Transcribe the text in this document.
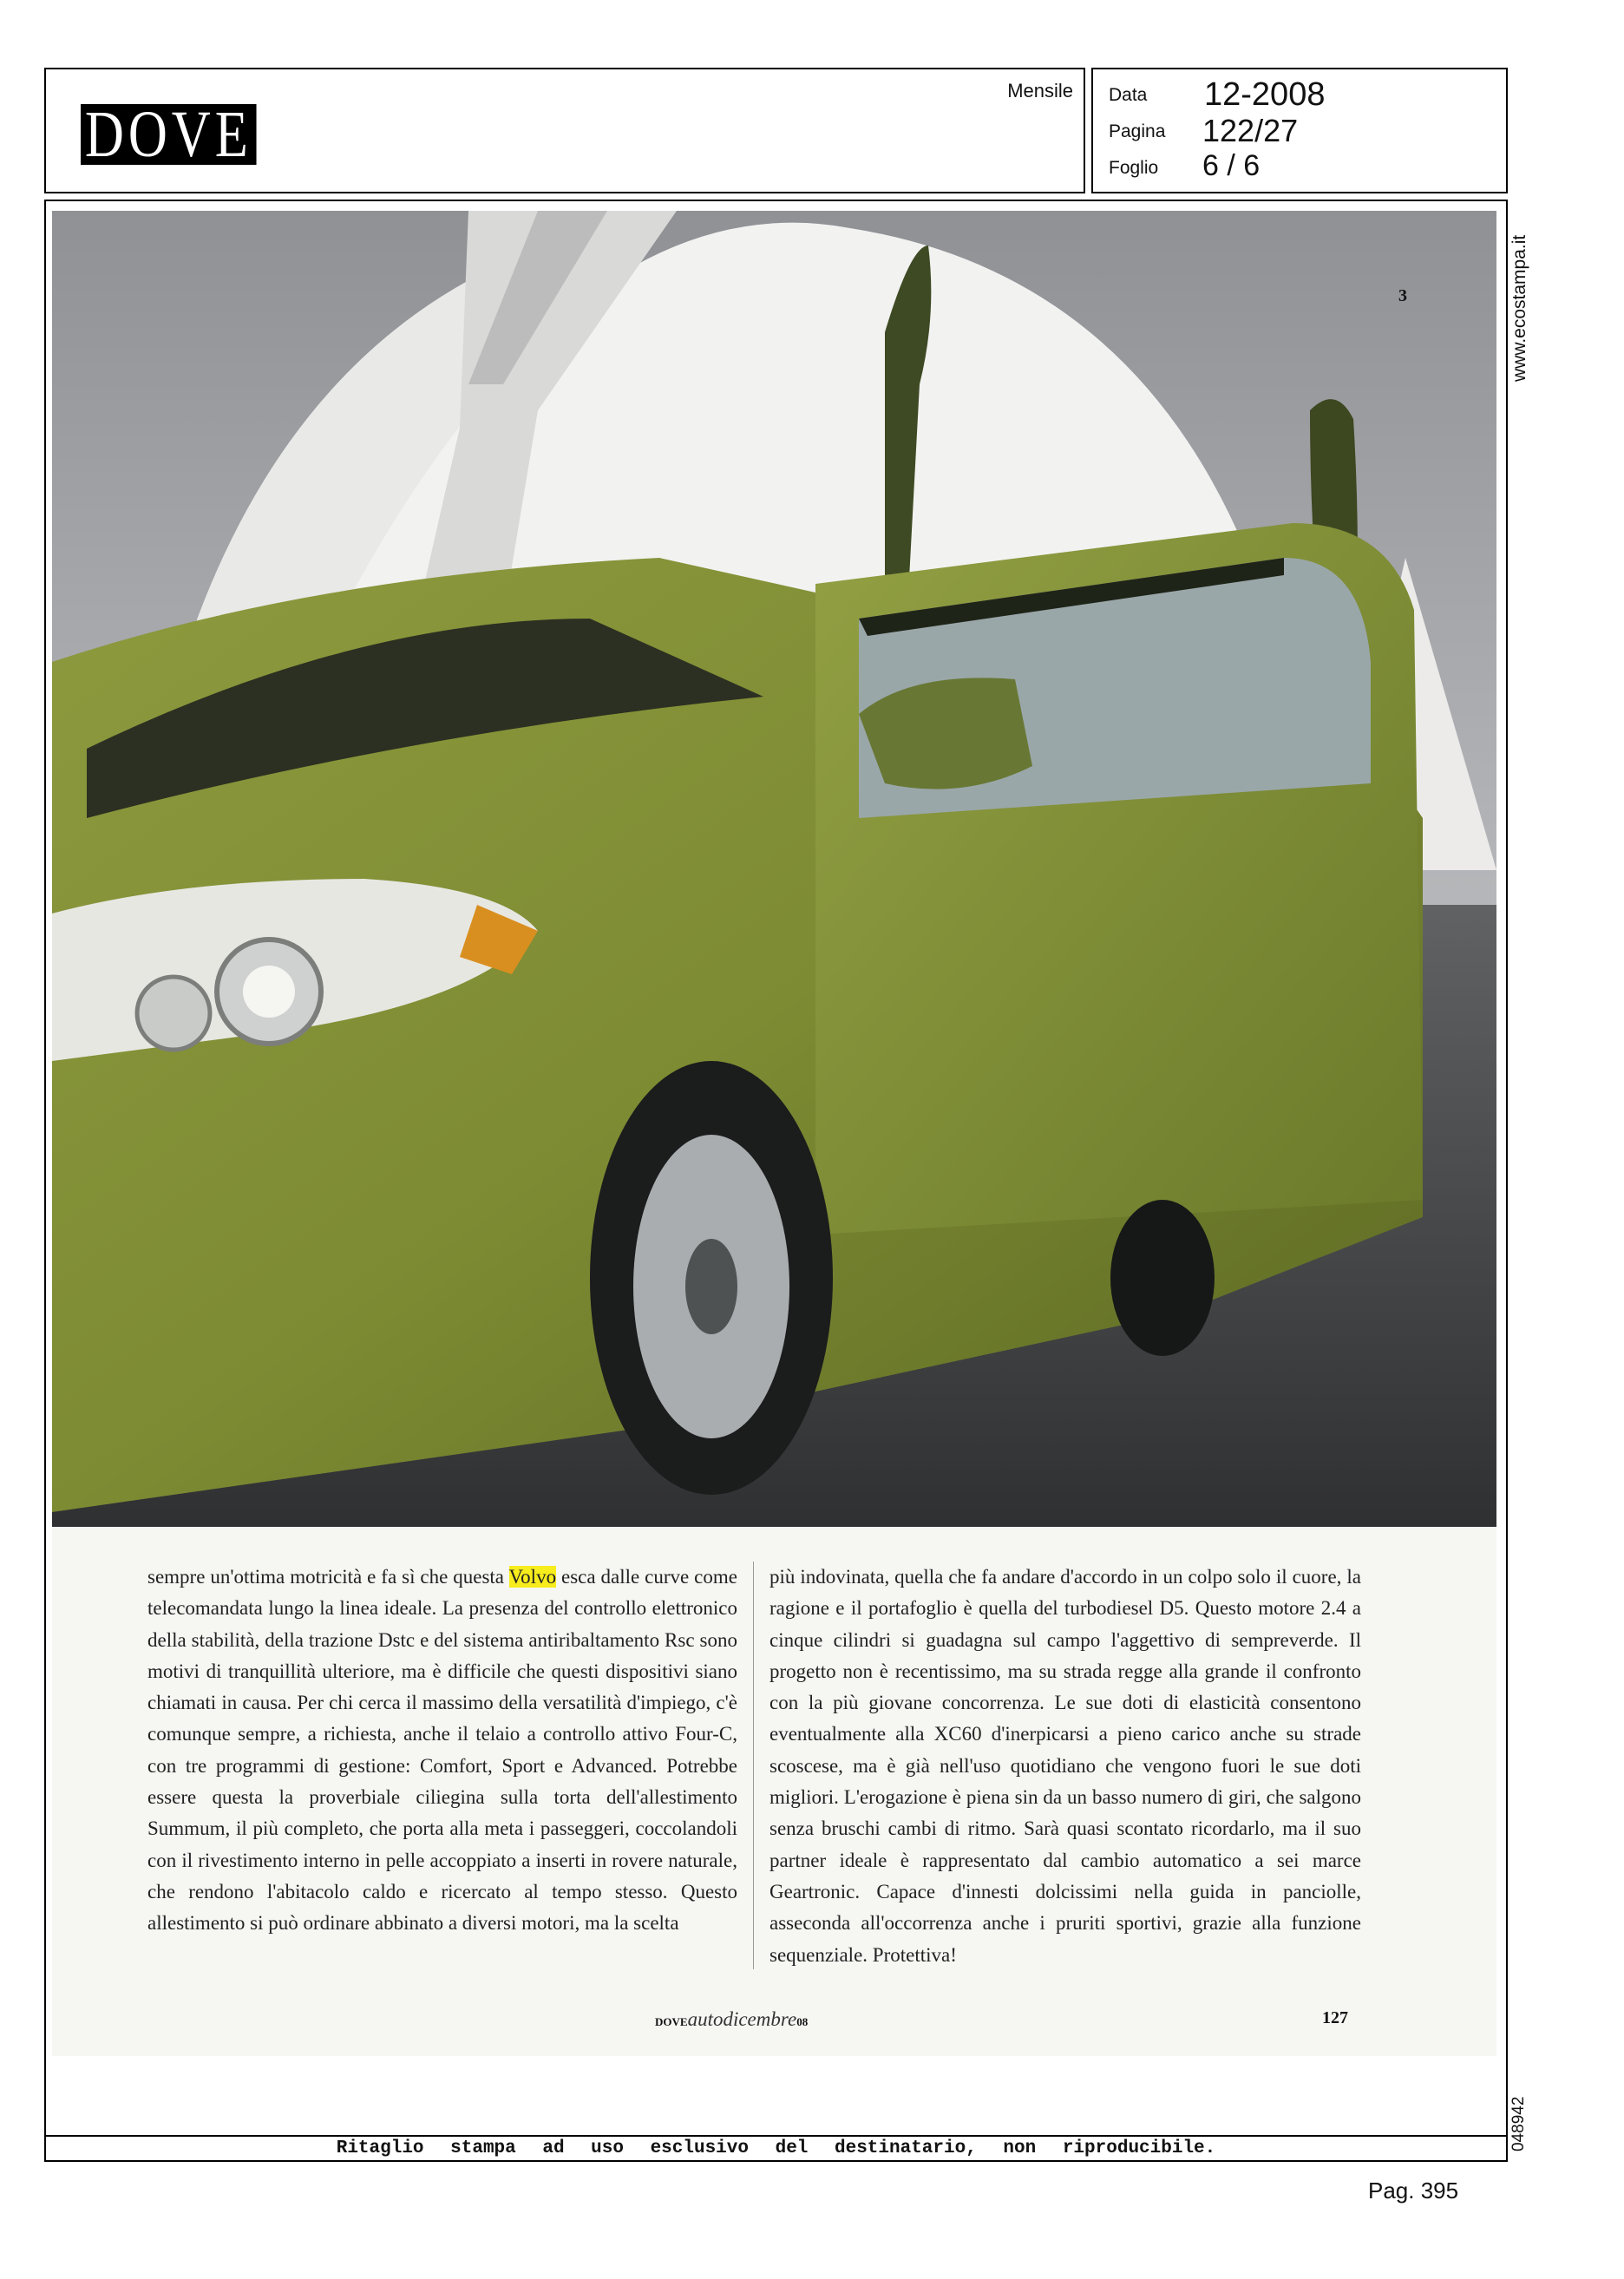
DOVE
Mensile Data 12-2008
Pagina 122/27
Foglio 6 / 6
www.ecostampa.it
3
sempre un'ottima motricità e fa sì che questa Volvo esca dalle curve come telecomandata lungo la linea ideale. La presenza del controllo elettronico della stabilità, della trazione Dstc e del sistema antiribaltamento Rsc sono motivi di tranquillità ulteriore, ma è difficile che questi dispositivi siano chiamati in causa. Per chi cerca il massimo della versatilità d'impiego, c'è comunque sempre, a richiesta, anche il telaio a controllo attivo Four-C, con tre programmi di gestione: Comfort, Sport e Advanced. Potrebbe essere questa la proverbiale ciliegina sulla torta dell'allestimento Summum, il più completo, che porta alla meta i passeggeri, coccolandoli con il rivestimento interno in pelle accoppiato a inserti in rovere naturale, che rendono l'abitacolo caldo e ricercato al tempo stesso. Questo allestimento si può ordinare abbinato a diversi motori, ma la scelta
più indovinata, quella che fa andare d'accordo in un colpo solo il cuore, la ragione e il portafoglio è quella del turbodiesel D5. Questo motore 2.4 a cinque cilindri si guadagna sul campo l'aggettivo di sempreverde. Il progetto non è recentissimo, ma su strada regge alla grande il confronto con la più giovane concorrenza. Le sue doti di elasticità consentono eventualmente alla XC60 d'inerpicarsi a pieno carico anche su strade scoscese, ma è già nell'uso quotidiano che vengono fuori le sue doti migliori. L'erogazione è piena sin da un basso numero di giri, che salgono senza bruschi cambi di ritmo. Sarà quasi scontato ricordarlo, ma il suo partner ideale è rappresentato dal cambio automatico a sei marce Geartronic. Capace d'innesti dolcissimi nella guida in panciolle, asseconda all'occorrenza anche i pruriti sportivi, grazie alla funzione sequenziale. Protettiva!
DOVEautodicembre08	127
048942
Ritaglio stampa ad uso esclusivo del destinatario, non riproducibile.
Pag. 395
